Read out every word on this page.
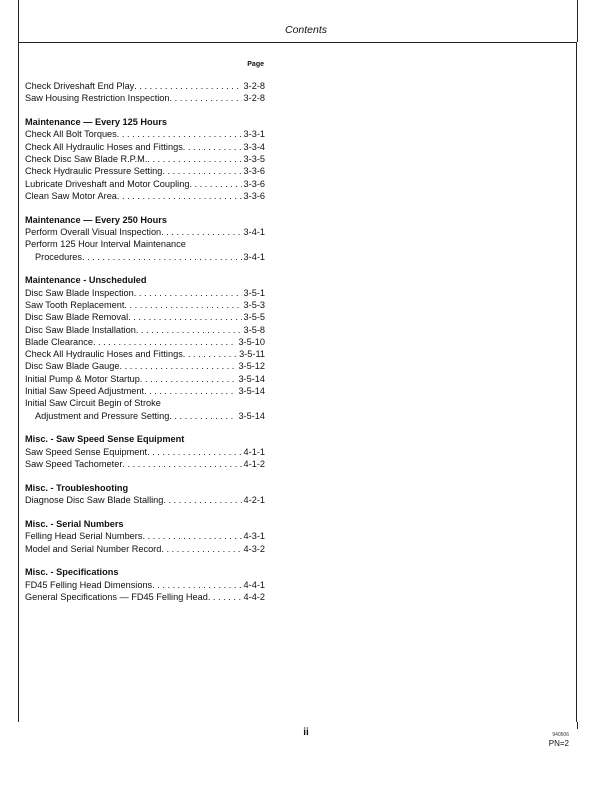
Contents
Page
Check Driveshaft End Play . . .	3-2-8
Saw Housing Restriction Inspection . . .	3-2-8
Maintenance — Every 125 Hours
Check All Bolt Torques . . .	3-3-1
Check All Hydraulic Hoses and Fittings . . .	3-3-4
Check Disc Saw Blade R.P.M. . . .	3-3-5
Check Hydraulic Pressure Setting . . .	3-3-6
Lubricate Driveshaft and Motor Coupling . . .	3-3-6
Clean Saw Motor Area . . .	3-3-6
Maintenance — Every 250 Hours
Perform Overall Visual Inspection . . .	3-4-1
Perform 125 Hour Interval Maintenance
Procedures . . .	3-4-1
Maintenance - Unscheduled
Disc Saw Blade Inspection . . .	3-5-1
Saw Tooth Replacement . . .	3-5-3
Disc Saw Blade Removal . . .	3-5-5
Disc Saw Blade Installation . . .	3-5-8
Blade Clearance . . .	3-5-10
Check All Hydraulic Hoses and Fittings . . .	3-5-11
Disc Saw Blade Gauge . . .	3-5-12
Initial Pump & Motor Startup . . .	3-5-14
Initial Saw Speed Adjustment . . .	3-5-14
Initial Saw Circuit Begin of Stroke
Adjustment and Pressure Setting . . .	3-5-14
Misc. - Saw Speed Sense Equipment
Saw Speed Sense Equipment . . .	4-1-1
Saw Speed Tachometer . . .	4-1-2
Misc. - Troubleshooting
Diagnose Disc Saw Blade Stalling . . .	4-2-1
Misc. - Serial Numbers
Felling Head Serial Numbers . . .	4-3-1
Model and Serial Number Record . . .	4-3-2
Misc. - Specifications
FD45 Felling Head Dimensions . . .	4-4-1
General Specifications — FD45 Felling Head . . .	4-4-2
ii	940506
PN=2
